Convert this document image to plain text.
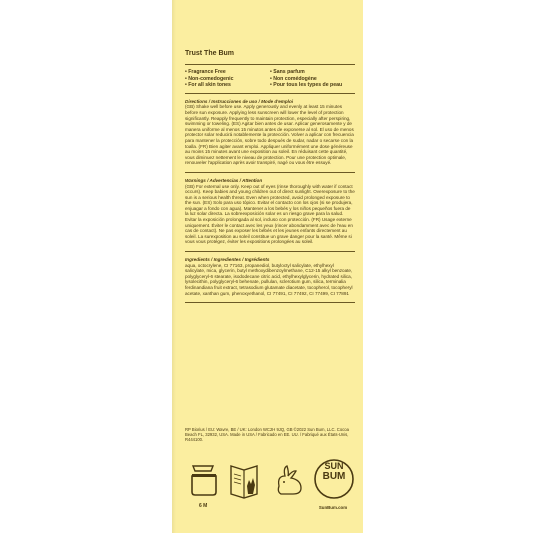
Trust The Bum
• Fragrance Free
• Non-comedogenic
• For all skin tones
• Sans parfum
• Non comédogène
• Pour tous les types de peau
Directions / Instrucciones de uso / Mode d'emploi
(GB) Shake well before use. Apply generously and evenly at least 15 minutes before sun exposure. Applying less sunscreen will lower the level of protection significantly. Reapply frequently to maintain protection, especially after perspiring, swimming or toweling. (ES) Agitar bien antes de usar. Aplicar generosamente y de manera uniforme al menos 15 minutos antes de exponerse al sol. El uso de menos protector solar reducirá notablemente la protección. Volver a aplicar con frecuencia para mantener la protección, sobre todo después de sudar, nadar o secarse con la toalla. (FR) Bien agiter avant emploi. Appliquer uniformément une dose généreuse au moins 15 minutes avant une exposition au soleil. En réduisant cette quantité, vous diminuez nettement le niveau de protection. Pour une protection optimale, renouveler l'application après avoir transpiré, nagé ou vous être essuyé.
Warnings / Advertencias / Attention
(GB) For external use only. Keep out of eyes (rinse thoroughly with water if contact occurs). Keep babies and young children out of direct sunlight. Overexposure to the sun is a serious health threat. Even when protected, avoid prolonged exposure to the sun. (ES) Solo para uso tópico. Evitar el contacto con los ojos (si se produjera, enjuagar a fondo con agua). Mantener a los bebés y los niños pequeños fuera de la luz solar directa. La sobreexposición solar es un riesgo grave para la salud. Evitar la exposición prolongada al sol, incluso con protección. (FR) Usage externe uniquement. Éviter le contact avec les yeux (rincer abondamment avec de l'eau en cas de contact). Ne pas exposer les bébés et les jeunes enfants directement au soleil. La surexposition au soleil constitue un grave danger pour la santé. Même si vous vous protégez, éviter les expositions prolongées au soleil.
Ingredients / Ingredientes / Ingrédients
aqua, octocrylene, CI 77163, propanediol, butyloctyl salicylate, ethylhexyl salicylate, mica, glycerin, butyl methoxydibenzoylmethane, C12-15 alkyl benzoate, polyglyceryl-6 stearate, isododecane citric acid, ethylhexylglycerin, hydrated silica, lysolecithin, polyglyceryl-6 behenate, pullulan, sclerotium gum, silica, terminalia ferdinandiana fruit extract, tetrasodium glutamate diacetate, tocopherol, tocopheryl acetate, xanthan gum, phenoxyethanol, CI 77491, CI 77492, CI 77499, CI 77891
RP Biorius / EU: Wavre, BE / UK: London WC2H 9JQ, GB ©2022 Sun Bum, LLC. Cocoa Beach FL, 32932, USA. Made in USA / Fabricado en EE. UU. / Fabriqué aux États-Unis, R444100.
6 M
SUN
BUM
SunBum.com
